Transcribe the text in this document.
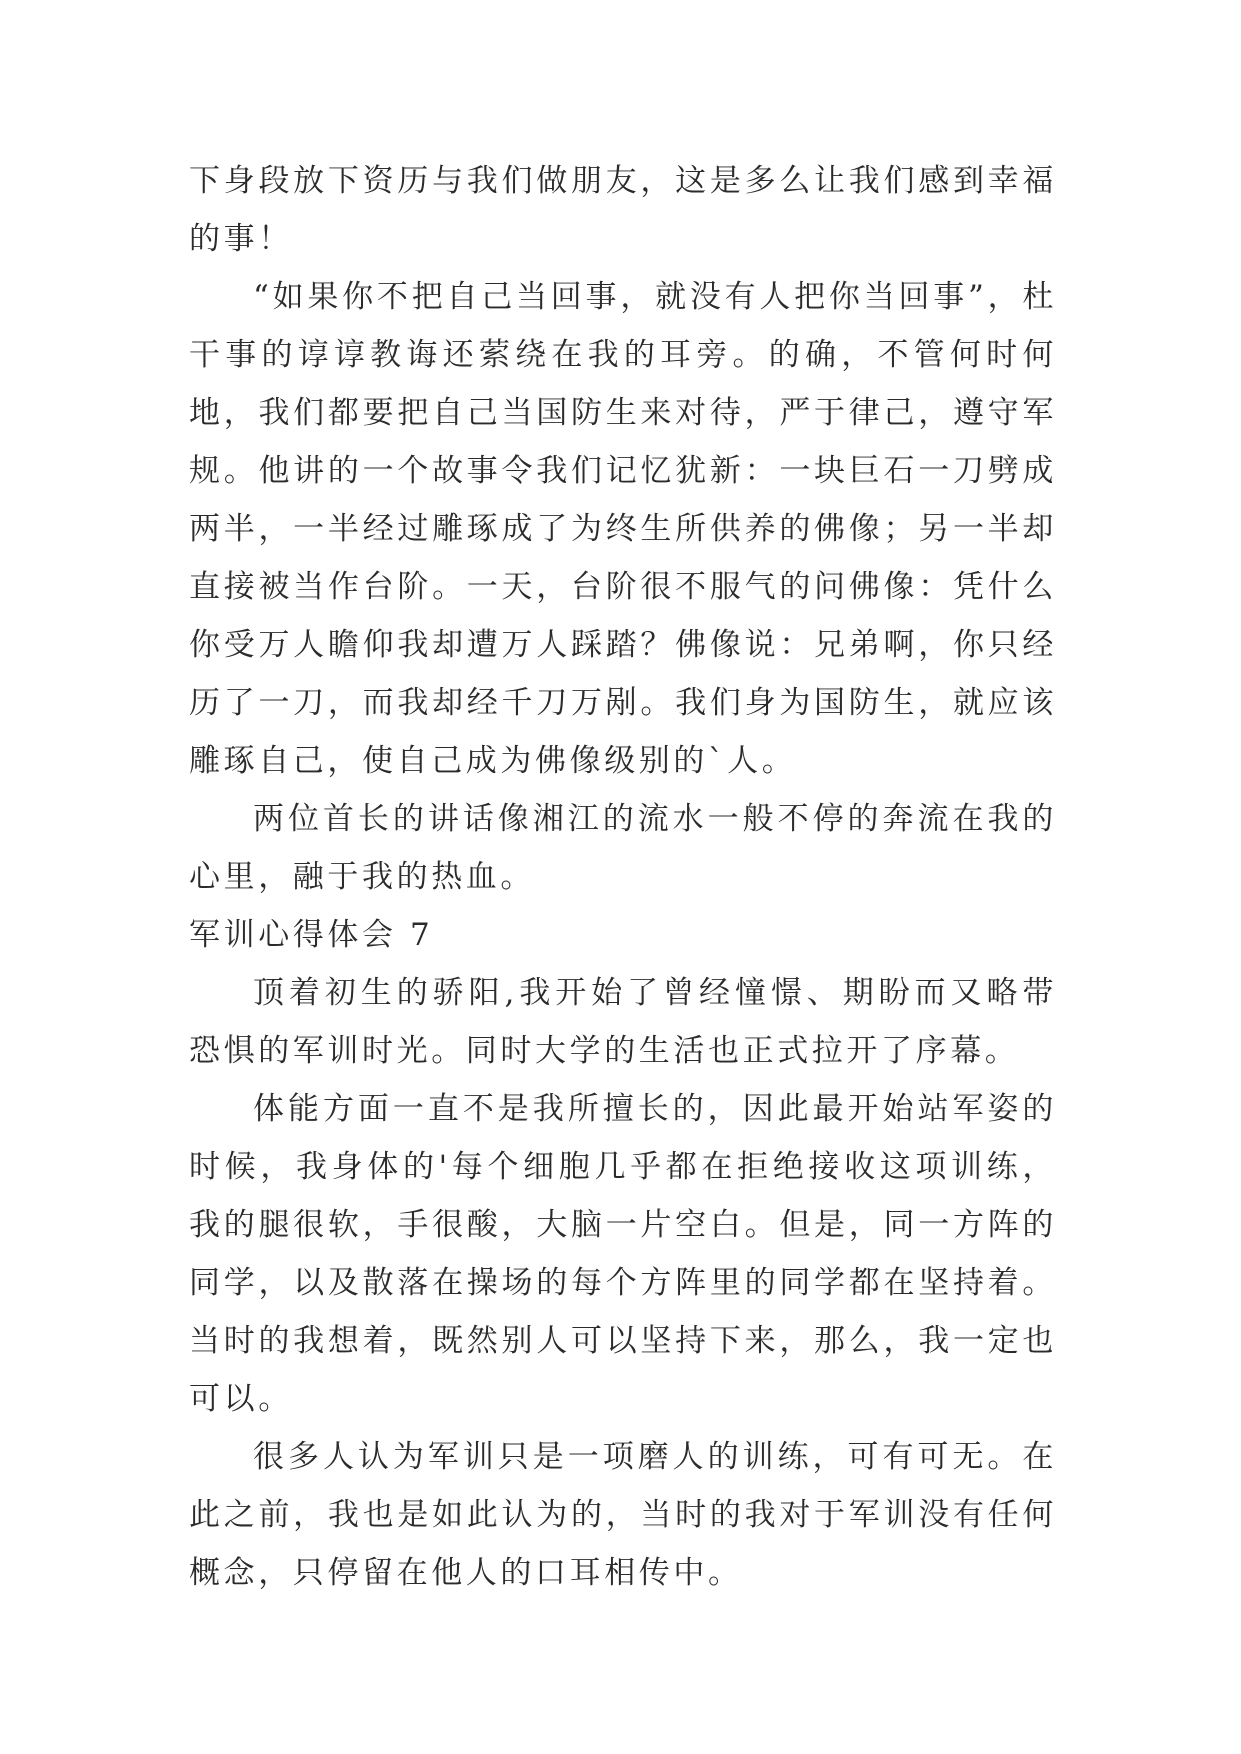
下身段放下资历与我们做朋友，这是多么让我们感到幸福的事！

“如果你不把自己当回事，就没有人把你当回事”，杜干事的谆谆教诲还萦绕在我的耳旁。的确，不管何时何地，我们都要把自己当国防生来对待，严于律己，遵守军规。他讲的一个故事令我们记忆犹新：一块巨石一刀劈成两半，一半经过雕琢成了为终生所供养的佛像；另一半却直接被当作台阶。一天，台阶很不服气的问佛像：凭什么你受万人瞻仰我却遭万人踩踏？佛像说：兄弟啊，你只经历了一刀，而我却经千刀万剐。我们身为国防生，就应该雕琢自己，使自己成为佛像级别的`人。

两位首长的讲话像湘江的流水一般不停的奔流在我的心里，融于我的热血。

军训心得体会 7

顶着初生的骄阳,我开始了曾经憧憬、期盼而又略带恐惧的军训时光。同时大学的生活也正式拉开了序幕。

体能方面一直不是我所擅长的，因此最开始站军姿的时候，我身体的'每个细胞几乎都在拒绝接收这项训练，我的腿很软，手很酸，大脑一片空白。但是，同一方阵的同学，以及散落在操场的每个方阵里的同学都在坚持着。当时的我想着，既然别人可以坚持下来，那么，我一定也可以。

很多人认为军训只是一项磨人的训练，可有可无。在此之前，我也是如此认为的，当时的我对于军训没有任何概念，只停留在他人的口耳相传中。
